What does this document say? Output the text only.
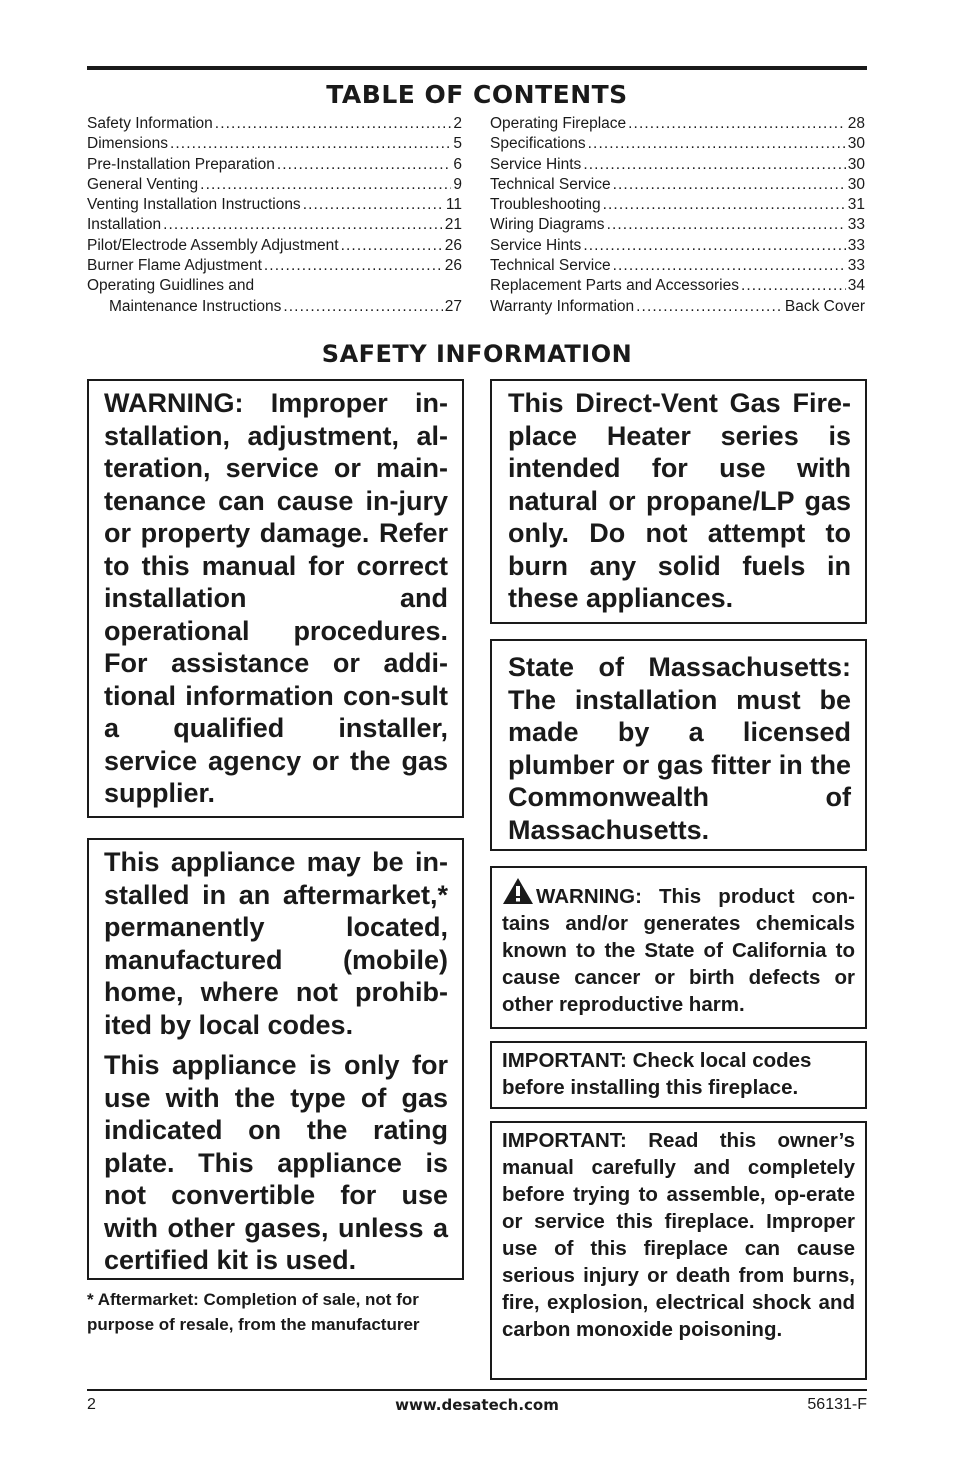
TABLE OF CONTENTS
Safety Information . . .	2
Dimensions . . .	5
Pre-Installation Preparation . . .	6
General Venting . . .	9
Venting Installation Instructions . . .	11
Installation . . .	21
Pilot/Electrode Assembly Adjustment . . .	26
Burner Flame Adjustment . . .	26
Operating Guidlines and
Maintenance Instructions . . .	27
Operating Fireplace . . .	28
Specifications . . .	30
Service Hints . . .	30
Technical Service . . .	30
Troubleshooting . . .	31
Wiring Diagrams . . .	33
Service Hints . . .	33
Technical Service . . .	33
Replacement Parts and Accessories . . .	34
Warranty Information . . .	Back Cover
SAFETY INFORMATION

WARNING: Improper in-stallation, adjustment, al-teration, service or main-tenance can cause in-jury or property damage. Refer to this manual for correct installation and operational procedures. For assistance or addi-tional information con-sult a qualified installer, service agency or the gas supplier.

This appliance may be in-stalled in an aftermarket,* permanently located, manufactured (mobile) home, where not prohib-ited by local codes.

This appliance is only for use with the type of gas indicated on the rating plate. This appliance is not convertible for use with other gases, unless a certified kit is used.

* Aftermarket: Completion of sale, not for purpose of resale, from the manufacturer

This Direct-Vent Gas Fire-place Heater series is intended for use with natural or propane/LP gas only. Do not attempt to burn any solid fuels in these appliances.

State of Massachusetts: The installation must be made by a licensed plumber or gas fitter in the Commonwealth of Massachusetts.

WARNING: This product con-tains and/or generates chemicals known to the State of California to cause cancer or birth defects or other reproductive harm.

IMPORTANT: Check local codes before installing this fireplace.

IMPORTANT: Read this owner’s manual carefully and completely before trying to assemble, op-erate or service this fireplace. Improper use of this fireplace can cause serious injury or death from burns, fire, explosion, electrical shock and carbon monoxide poisoning.

2	www.desatech.com	56131-F
